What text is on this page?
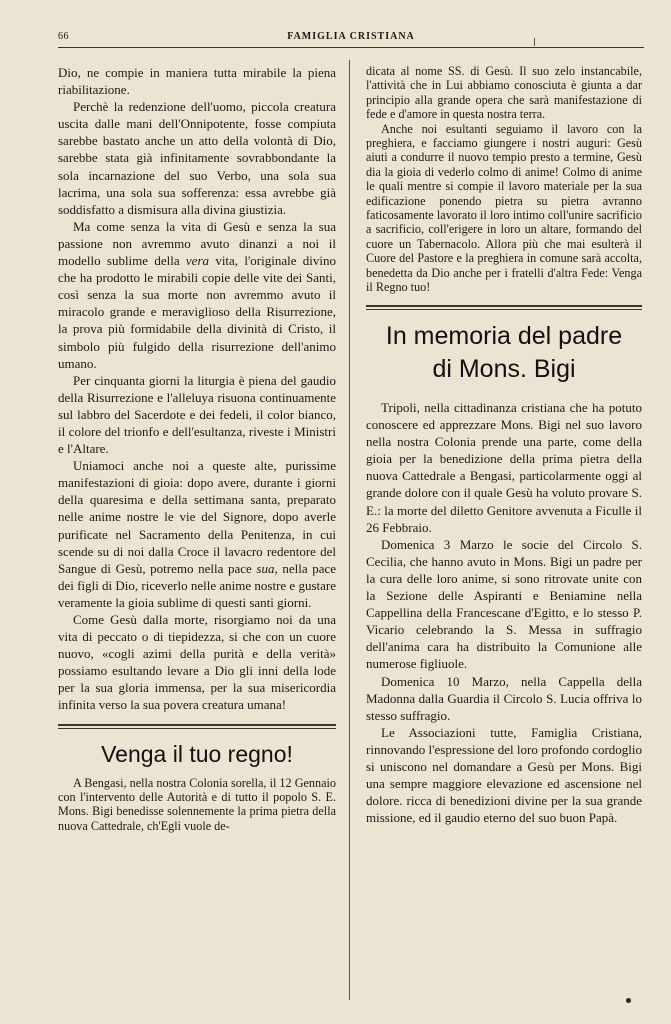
66	FAMIGLIA CRISTIANA

Dio, ne compie in maniera tutta mirabile la piena riabilitazione.

Perchè la redenzione dell'uomo, piccola creatura uscita dalle mani dell'Onnipotente, fosse compiuta sarebbe bastato anche un atto della volontà di Dio, sarebbe stata già infinitamente sovrabbondante la sola incarnazione del suo Verbo, una sola sua lacrima, una sola sua sofferenza: essa avrebbe già soddisfatto a dismisura alla divina giustizia.

Ma come senza la vita di Gesù e senza la sua passione non avremmo avuto dinanzi a noi il modello sublime della vera vita, l'originale divino che ha prodotto le mirabili copie delle vite dei Santi, così senza la sua morte non avremmo avuto il miracolo grande e meraviglioso della Risurrezione, la prova più formidabile della divinità di Cristo, il simbolo più fulgido della risurrezione dell'animo umano.

Per cinquanta giorni la liturgia è piena del gaudio della Risurrezione e l'alleluya risuona continuamente sul labbro del Sacerdote e dei fedeli, il color bianco, il colore del trionfo e dell'esultanza, riveste i Ministri e l'Altare.

Uniamoci anche noi a queste alte, purissime manifestazioni di gioia: dopo avere, durante i giorni della quaresima e della settimana santa, preparato nelle anime nostre le vie del Signore, dopo averle purificate nel Sacramento della Penitenza, in cui scende su di noi dalla Croce il lavacro redentore del Sangue di Gesù, potremo nella pace sua, nella pace dei figli di Dio, riceverlo nelle anime nostre e gustare veramente la gioia sublime di questi santi giorni.

Come Gesù dalla morte, risorgiamo noi da una vita di peccato o di tiepidezza, si che con un cuore nuovo, «cogli azimi della purità e della verità» possiamo esultando levare a Dio gli inni della lode per la sua gloria immensa, per la sua misericordia infinita verso la sua povera creatura umana!

Venga il tuo regno!

A Bengasi, nella nostra Colonia sorella, il 12 Gennaio con l'intervento delle Autorità e di tutto il popolo S. E. Mons. Bigi benedisse solennemente la prima pietra della nuova Cattedrale, ch'Egli vuole de-

dicata al nome SS. di Gesù. Il suo zelo instancabile, l'attività che in Lui abbiamo conosciuta è giunta a dar principio alla grande opera che sarà manifestazione di fede e d'amore in questa nostra terra.

Anche noi esultanti seguiamo il lavoro con la preghiera, e facciamo giungere i nostri auguri: Gesù aiuti a condurre il nuovo tempio presto a termine, Gesù dia la gioia di vederlo colmo di anime! Colmo di anime le quali mentre si compie il lavoro materiale per la sua edificazione ponendo pietra su pietra avranno faticosamente lavorato il loro intimo coll'unire sacrificio a sacrificio, coll'erigere in loro un altare, formando del cuore un Tabernacolo. Allora più che mai esulterà il Cuore del Pastore e la preghiera in comune sarà accolta, benedetta da Dio anche per i fratelli d'altra Fede: Venga il Regno tuo!

In memoria del padre
di Mons. Bigi

Tripoli, nella cittadinanza cristiana che ha potuto conoscere ed apprezzare Mons. Bigi nel suo lavoro nella nostra Colonia prende una parte, come della gioia per la benedizione della prima pietra della nuova Cattedrale a Bengasi, particolarmente oggi al grande dolore con il quale Gesù ha voluto provare S. E.: la morte del diletto Genitore avvenuta a Ficulle il 26 Febbraio.

Domenica 3 Marzo le socie del Circolo S. Cecilia, che hanno avuto in Mons. Bigi un padre per la cura delle loro anime, si sono ritrovate unite con la Sezione delle Aspiranti e Beniamine nella Cappellina della Francescane d'Egitto, e lo stesso P. Vicario celebrando la S. Messa in suffragio dell'anima cara ha distribuito la Comunione alle numerose figliuole.

Domenica 10 Marzo, nella Cappella della Madonna dalla Guardia il Circolo S. Lucia offriva lo stesso suffragio.

Le Associazioni tutte, Famiglia Cristiana, rinnovando l'espressione del loro profondo cordoglio si uniscono nel domandare a Gesù per Mons. Bigi una sempre maggiore elevazione ed ascensione nel dolore. ricca di benedizioni divine per la sua grande missione, ed il gaudio eterno del suo buon Papà.
